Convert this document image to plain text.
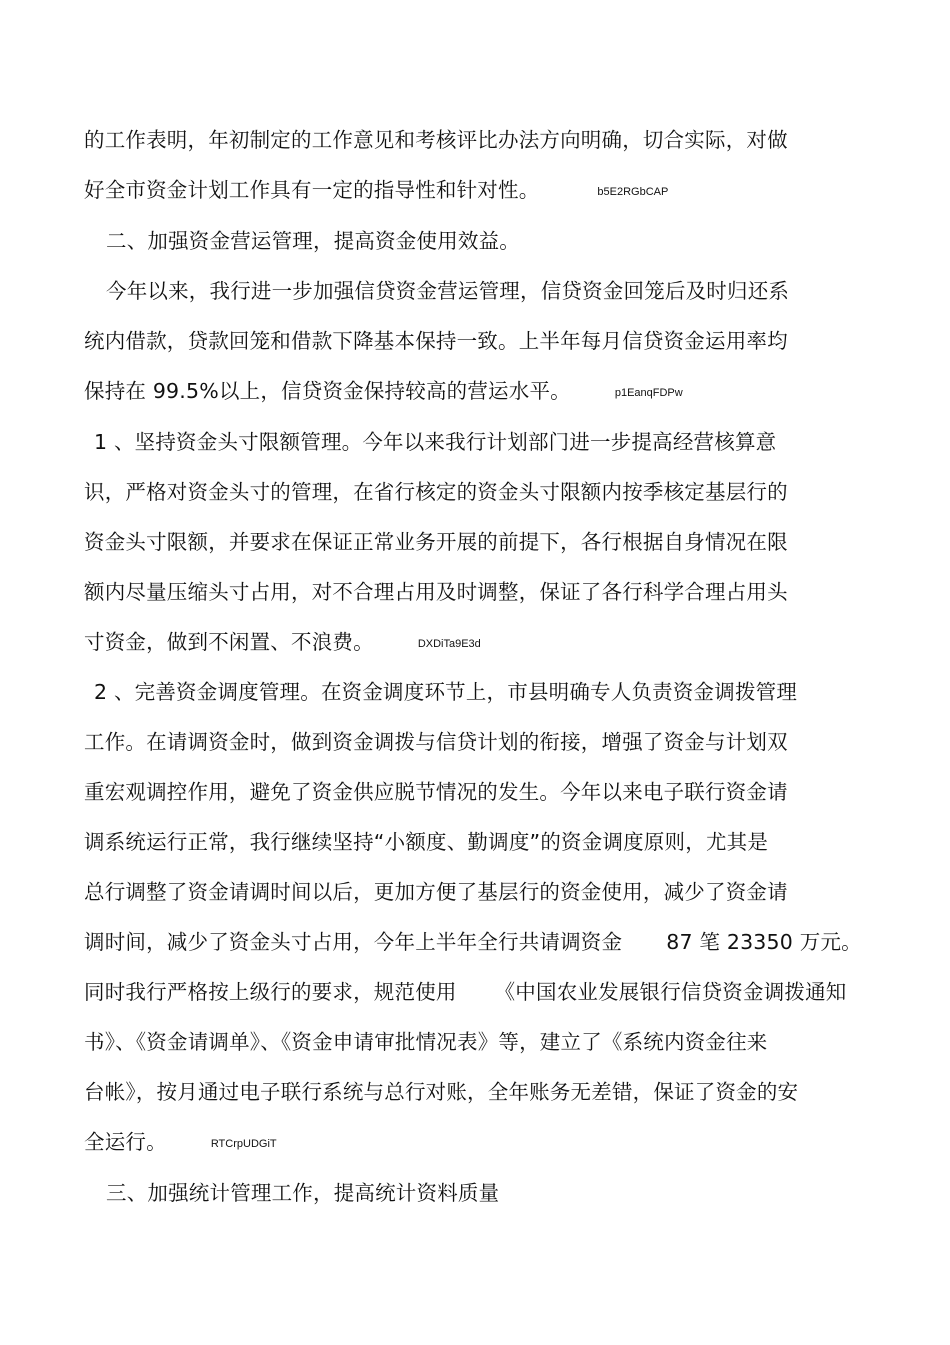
的工作表明，年初制定的工作意见和考核评比办法方向明确，切合实际，对做
好全市资金计划工作具有一定的指导性和针对性。	b5E2RGbCAP
二、加强资金营运管理，提高资金使用效益。
今年以来，我行进一步加强信贷资金营运管理，信贷资金回笼后及时归还系
统内借款，贷款回笼和借款下降基本保持一致。上半年每月信贷资金运用率均
保持在 99.5%以上，信贷资金保持较高的营运水平。	p1EanqFDPw
1 、坚持资金头寸限额管理。今年以来我行计划部门进一步提高经营核算意
识，严格对资金头寸的管理，在省行核定的资金头寸限额内按季核定基层行的
资金头寸限额，并要求在保证正常业务开展的前提下，各行根据自身情况在限
额内尽量压缩头寸占用，对不合理占用及时调整，保证了各行科学合理占用头
寸资金，做到不闲置、不浪费。	DXDiTa9E3d
2 、完善资金调度管理。在资金调度环节上，市县明确专人负责资金调拨管理
工作。在请调资金时，做到资金调拨与信贷计划的衔接，增强了资金与计划双
重宏观调控作用，避免了资金供应脱节情况的发生。今年以来电子联行资金请
调系统运行正常，我行继续坚持“小额度、勤调度”的资金调度原则，尤其是
总行调整了资金请调时间以后，更加方便了基层行的资金使用，减少了资金请
调时间，减少了资金头寸占用，今年上半年全行共请调资金 87 笔 23350 万元。
同时我行严格按上级行的要求，规范使用 《中国农业发展银行信贷资金调拨通知
书》、《资金请调单》、《资金申请审批情况表》等，建立了《系统内资金往来
台帐》，按月通过电子联行系统与总行对账，全年账务无差错，保证了资金的安
全运行。	RTCrpUDGiT
三、加强统计管理工作，提高统计资料质量
